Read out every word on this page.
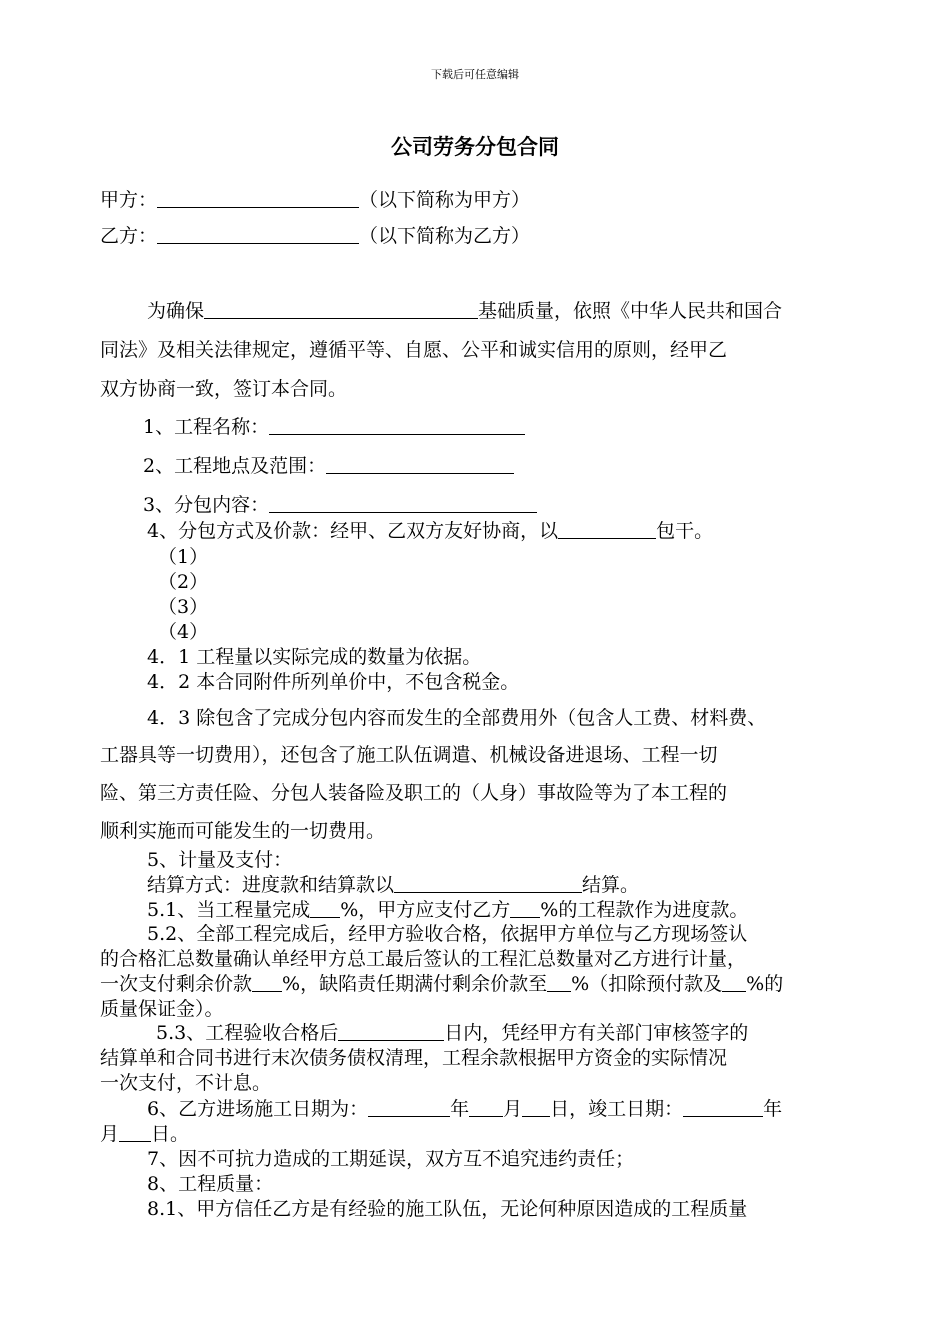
下载后可任意编辑
公司劳务分包合同
甲方：	（以下简称为甲方）
乙方：	（以下简称为乙方）
为确保	基础质量，依照《中华人民共和国合
同法》及相关法律规定，遵循平等、自愿、公平和诚实信用的原则，经甲乙
双方协商一致，签订本合同。
1、工程名称：
2、工程地点及范围：
3、分包内容：
4、分包方式及价款：经甲、乙双方友好协商，以	包干。
（1）
（2）
（3）
（4）
4．1 工程量以实际完成的数量为依据。
4．2 本合同附件所列单价中，不包含税金。
4．3 除包含了完成分包内容而发生的全部费用外（包含人工费、材料费、
工器具等一切费用），还包含了施工队伍调遣、机械设备进退场、工程一切
险、第三方责任险、分包人装备险及职工的（人身）事故险等为了本工程的
顺利实施而可能发生的一切费用。
5、计量及支付：
结算方式：进度款和结算款以	结算。
5.1、当工程量完成 %，甲方应支付乙方 %的工程款作为进度款。
5.2、全部工程完成后，经甲方验收合格，依据甲方单位与乙方现场签认
的合格汇总数量确认单经甲方总工最后签认的工程汇总数量对乙方进行计量，
一次支付剩余价款 %，缺陷责任期满付剩余价款至 %（扣除预付款及 %的
质量保证金）。
5.3、工程验收合格后	日内，凭经甲方有关部门审核签字的
结算单和合同书进行末次债务债权清理，工程余款根据甲方资金的实际情况
一次支付，不计息。
6、乙方进场施工日期为：	年 月 日，竣工日期：	年
月 日。
7、因不可抗力造成的工期延误，双方互不追究违约责任；
8、工程质量：
8.1、甲方信任乙方是有经验的施工队伍，无论何种原因造成的工程质量
